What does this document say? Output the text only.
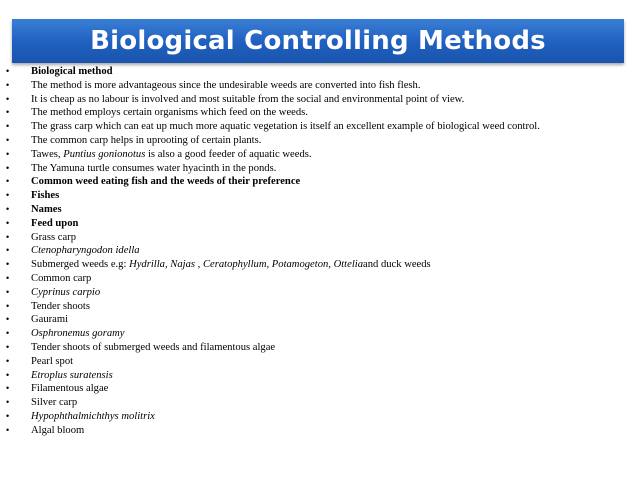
Biological Controlling Methods
• Biological method
• The method is more advantageous since the undesirable weeds are converted into fish flesh.
• It is cheap as no labour is involved and most suitable from the social and environmental point of view.
• The method employs certain organisms which feed on the weeds.
• The grass carp which can eat up much more aquatic vegetation is itself an excellent example of biological weed control.
• The common carp helps in uprooting of certain plants.
• Tawes, Puntius gonionotus is also a good feeder of aquatic weeds.
• The Yamuna turtle consumes water hyacinth in the ponds.
• Common weed eating fish and the weeds of their preference
• Fishes
• Names
• Feed upon
• Grass carp
• Ctenopharyngodon idella
• Submerged weeds e.g: Hydrilla, Najas , Ceratophyllum, Potamogeton, Otteliaand duck weeds
• Common carp
• Cyprinus carpio
• Tender shoots
• Gaurami
• Osphronemus goramy
• Tender shoots of submerged weeds and filamentous algae
• Pearl spot
• Etroplus suratensis
• Filamentous algae
• Silver carp
• Hypophthalmichthys molitrix
• Algal bloom
